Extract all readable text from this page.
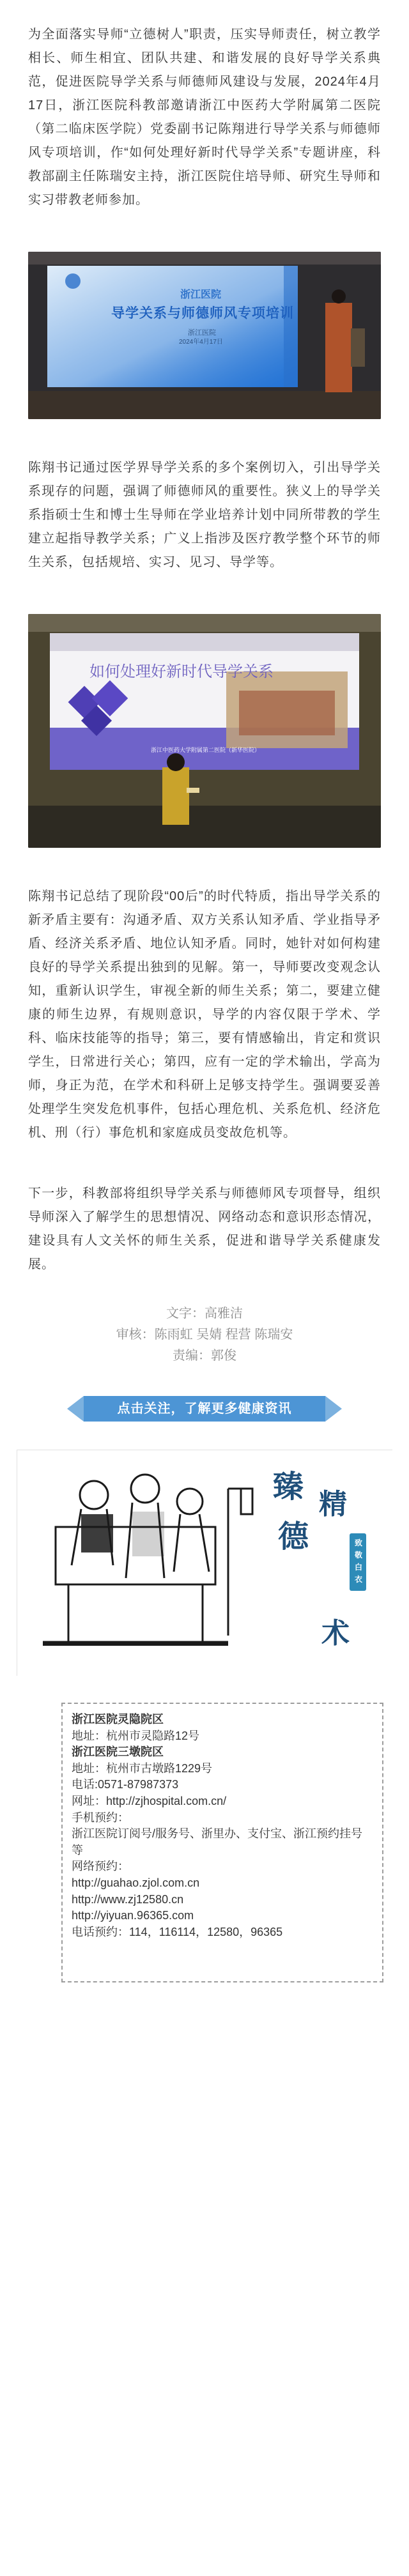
为全面落实导师“立德树人”职责，压实导师责任，树立教学相长、师生相宜、团队共建、和谐发展的良好导学关系典范，促进医院导学关系与师德师风建设与发展，2024年4月17日，浙江医院科教部邀请浙江中医药大学附属第二医院（第二临床医学院）党委副书记陈翔进行导学关系与师德师风专项培训，作“如何处理好新时代导学关系”专题讲座，科教部副主任陈瑞安主持，浙江医院住培导师、研究生导师和实习带教老师参加。

浙江医院
导学关系与师德师风专项培训
浙江医院
2024年4月17日

陈翔书记通过医学界导学关系的多个案例切入，引出导学关系现存的问题，强调了师德师风的重要性。狭义上的导学关系指硕士生和博士生导师在学业培养计划中同所带教的学生建立起指导教学关系；广义上指涉及医疗教学整个环节的师生关系，包括规培、实习、见习、导学等。

如何处理好新时代导学关系
浙江中医药大学附属第二医院（新华医院）

陈翔书记总结了现阶段“00后”的时代特质，指出导学关系的新矛盾主要有：沟通矛盾、双方关系认知矛盾、学业指导矛盾、经济关系矛盾、地位认知矛盾。同时，她针对如何构建良好的导学关系提出独到的见解。第一，导师要改变观念认知，重新认识学生，审视全新的师生关系；第二，要建立健康的师生边界，有规则意识，导学的内容仅限于学术、学科、临床技能等的指导；第三，要有情感输出，肯定和赏识学生，日常进行关心；第四，应有一定的学术输出，学高为师，身正为范，在学术和科研上足够支持学生。强调要妥善处理学生突发危机事件，包括心理危机、关系危机、经济危机、刑（行）事危机和家庭成员变故危机等。

下一步，科教部将组织导学关系与师德师风专项督导，组织导师深入了解学生的思想情况、网络动态和意识形态情况，建设具有人文关怀的师生关系，促进和谐导学关系健康发展。

文字：高雅洁
审核：陈雨虹 吴婧 程营 陈瑞安
责编：郭俊
点击关注，了解更多健康资讯
臻
德
精
术
致敬白衣
浙江医院灵隐院区
地址：杭州市灵隐路12号
浙江医院三墩院区
地址：杭州市古墩路1229号
电话:0571-87987373
网址：http://zjhospital.com.cn/
手机预约：
浙江医院订阅号/服务号、浙里办、支付宝、浙江预约挂号等
网络预约：
http://guahao.zjol.com.cn
http://www.zj12580.cn
http://yiyuan.96365.com
电话预约：114，116114，12580，96365
